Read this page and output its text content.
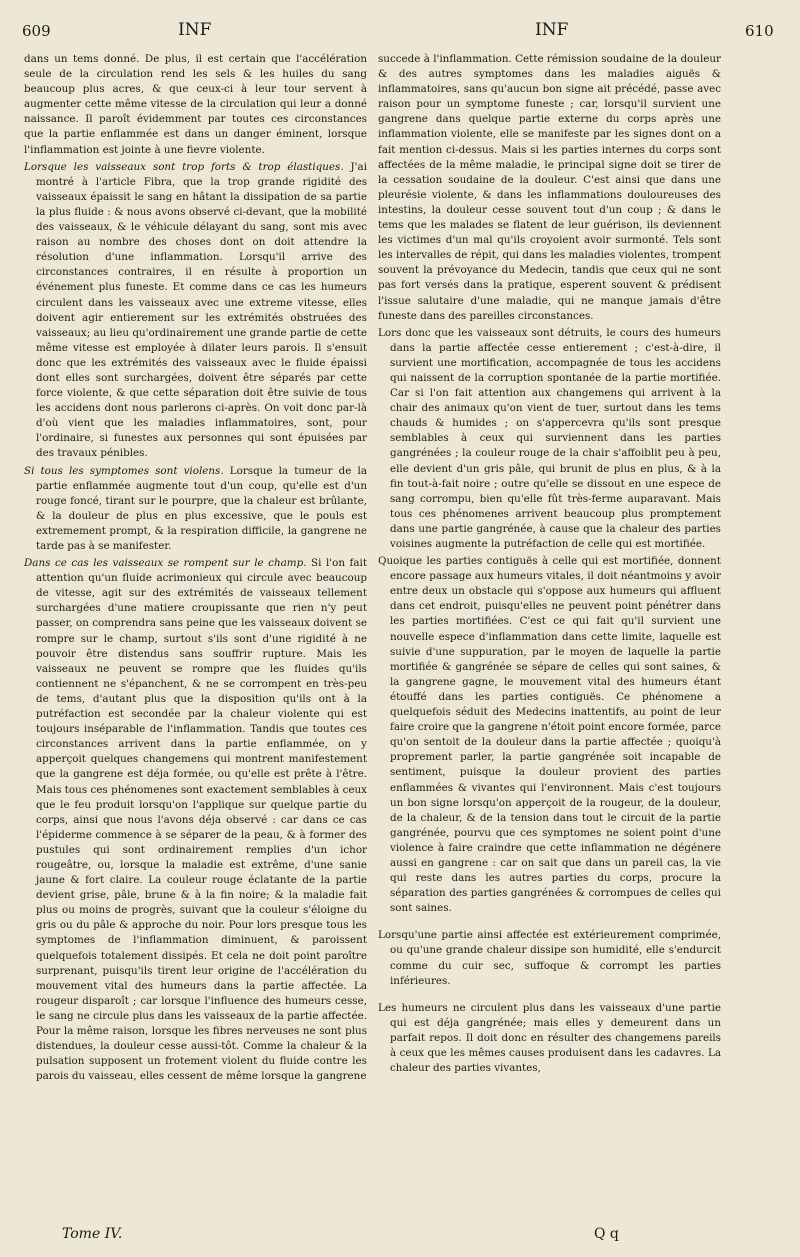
609	INF	INF	610

dans un tems donné. De plus, il est certain que l'accélération seule de la circulation rend les sels & les huiles du sang beaucoup plus acres, & que ceux-ci à leur tour servent à augmenter cette même vitesse de la circulation qui leur a donné naissance. Il paroît évidemment par toutes ces circonstances que la partie enflammée est dans un danger éminent, lorsque l'inflammation est jointe à une fievre violente.

Lorsque les vaisseaux sont trop forts & trop élastiques. J'ai montré à l'article Fibra, que la trop grande rigidité des vaisseaux épaissit le sang en hâtant la dissipation de sa partie la plus fluide : & nous avons observé ci-devant, que la mobilité des vaisseaux, & le véhicule délayant du sang, sont mis avec raison au nombre des choses dont on doit attendre la résolution d'une inflammation. Lorsqu'il arrive des circonstances contraires, il en résulte à proportion un événement plus funeste. Et comme dans ce cas les humeurs circulent dans les vaisseaux avec une extreme vitesse, elles doivent agir entierement sur les extrémités obstruées des vaisseaux; au lieu qu'ordinairement une grande partie de cette même vitesse est employée à dilater leurs parois. Il s'ensuit donc que les extrémités des vaisseaux avec le fluide épaissi dont elles sont surchargées, doivent être séparés par cette force violente, & que cette séparation doit être suivie de tous les accidens dont nous parlerons ci-après. On voit donc par-là d'où vient que les maladies inflammatoires, sont, pour l'ordinaire, si funestes aux personnes qui sont épuisées par des travaux pénibles.

Si tous les symptomes sont violens. Lorsque la tumeur de la partie enflammée augmente tout d'un coup, qu'elle est d'un rouge foncé, tirant sur le pourpre, que la chaleur est brûlante, & la douleur de plus en plus excessive, que le pouls est extremement prompt, & la respiration difficile, la gangrene ne tarde pas à se manifester.

Dans ce cas les vaisseaux se rompent sur le champ. Si l'on fait attention qu'un fluide acrimonieux qui circule avec beaucoup de vitesse, agit sur des extrémités de vaisseaux tellement surchargées d'une matiere croupissante que rien n'y peut passer, on comprendra sans peine que les vaisseaux doivent se rompre sur le champ, surtout s'ils sont d'une rigidité à ne pouvoir être distendus sans souffrir rupture. Mais les vaisseaux ne peuvent se rompre que les fluides qu'ils contiennent ne s'épanchent, & ne se corrompent en très-peu de tems, d'autant plus que la disposition qu'ils ont à la putréfaction est secondée par la chaleur violente qui est toujours inséparable de l'inflammation. Tandis que toutes ces circonstances arrivent dans la partie enflammée, on y apperçoit quelques changemens qui montrent manifestement que la gangrene est déja formée, ou qu'elle est prête à l'être. Mais tous ces phénomenes sont exactement semblables à ceux que le feu produit lorsqu'on l'applique sur quelque partie du corps, ainsi que nous l'avons déja observé : car dans ce cas l'épiderme commence à se séparer de la peau, & à former des pustules qui sont ordinairement remplies d'un ichor rougeâtre, ou, lorsque la maladie est extrême, d'une sanie jaune & fort claire. La couleur rouge éclatante de la partie devient grise, pâle, brune & à la fin noire; & la maladie fait plus ou moins de progrès, suivant que la couleur s'éloigne du gris ou du pâle & approche du noir. Pour lors presque tous les symptomes de l'inflammation diminuent, & paroissent quelquefois totalement dissipés. Et cela ne doit point paroître surprenant, puisqu'ils tirent leur origine de l'accélération du mouvement vital des humeurs dans la partie affectée. La rougeur disparoît ; car lorsque l'influence des humeurs cesse, le sang ne circule plus dans les vaisseaux de la partie affectée. Pour la même raison, lorsque les fibres nerveuses ne sont plus distendues, la douleur cesse aussi-tôt. Comme la chaleur & la pulsation supposent un frotement violent du fluide contre les parois du vaisseau, elles cessent de même lorsque la gangrene

succede à l'inflammation. Cette rémission soudaine de la douleur & des autres symptomes dans les maladies aiguës & inflammatoires, sans qu'aucun bon signe ait précédé, passe avec raison pour un symptome funeste ; car, lorsqu'il survient une gangrene dans quelque partie externe du corps après une inflammation violente, elle se manifeste par les signes dont on a fait mention ci-dessus. Mais si les parties internes du corps sont affectées de la même maladie, le principal signe doit se tirer de la cessation soudaine de la douleur. C'est ainsi que dans une pleurésie violente, & dans les inflammations douloureuses des intestins, la douleur cesse souvent tout d'un coup ; & dans le tems que les malades se flatent de leur guérison, ils deviennent les victimes d'un mal qu'ils croyoient avoir surmonté. Tels sont les intervalles de répit, qui dans les maladies violentes, trompent souvent la prévoyance du Medecin, tandis que ceux qui ne sont pas fort versés dans la pratique, esperent souvent & prédisent l'issue salutaire d'une maladie, qui ne manque jamais d'être funeste dans des pareilles circonstances.

Lors donc que les vaisseaux sont détruits, le cours des humeurs dans la partie affectée cesse entierement ; c'est-à-dire, il survient une mortification, accompagnée de tous les accidens qui naissent de la corruption spontanée de la partie mortifiée. Car si l'on fait attention aux changemens qui arrivent à la chair des animaux qu'on vient de tuer, surtout dans les tems chauds & humides ; on s'appercevra qu'ils sont presque semblables à ceux qui surviennent dans les parties gangrénées ; la couleur rouge de la chair s'affoiblit peu à peu, elle devient d'un gris pâle, qui brunit de plus en plus, & à la fin tout-à-fait noire ; outre qu'elle se dissout en une espece de sang corrompu, bien qu'elle fût très-ferme auparavant. Mais tous ces phénomenes arrivent beaucoup plus promptement dans une partie gangrénée, à cause que la chaleur des parties voisines augmente la putréfaction de celle qui est mortifiée.

Quoique les parties contiguës à celle qui est mortifiée, donnent encore passage aux humeurs vitales, il doit néantmoins y avoir entre deux un obstacle qui s'oppose aux humeurs qui affluent dans cet endroit, puisqu'elles ne peuvent point pénétrer dans les parties mortifiées. C'est ce qui fait qu'il survient une nouvelle espece d'inflammation dans cette limite, laquelle est suivie d'une suppuration, par le moyen de laquelle la partie mortifiée & gangrénée se sépare de celles qui sont saines, & la gangrene gagne, le mouvement vital des humeurs étant étouffé dans les parties contiguës. Ce phénomene a quelquefois séduit des Medecins inattentifs, au point de leur faire croire que la gangrene n'étoit point encore formée, parce qu'on sentoit de la douleur dans la partie affectée ; quoiqu'à proprement parler, la partie gangrénée soit incapable de sentiment, puisque la douleur provient des parties enflammées & vivantes qui l'environnent. Mais c'est toujours un bon signe lorsqu'on apperçoit de la rougeur, de la douleur, de la chaleur, & de la tension dans tout le circuit de la partie gangrénée, pourvu que ces symptomes ne soient point d'une violence à faire craindre que cette inflammation ne dégénere aussi en gangrene : car on sait que dans un pareil cas, la vie qui reste dans les autres parties du corps, procure la séparation des parties gangrénées & corrompues de celles qui sont saines.

Lorsqu'une partie ainsi affectée est extérieurement comprimée, ou qu'une grande chaleur dissipe son humidité, elle s'endurcit comme du cuir sec, suffoque & corrompt les parties inférieures.

Les humeurs ne circulent plus dans les vaisseaux d'une partie qui est déja gangrénée; mais elles y demeurent dans un parfait repos. Il doit donc en résulter des changemens pareils à ceux que les mêmes causes produisent dans les cadavres. La chaleur des parties vivantes,

Tome IV.	Q q
